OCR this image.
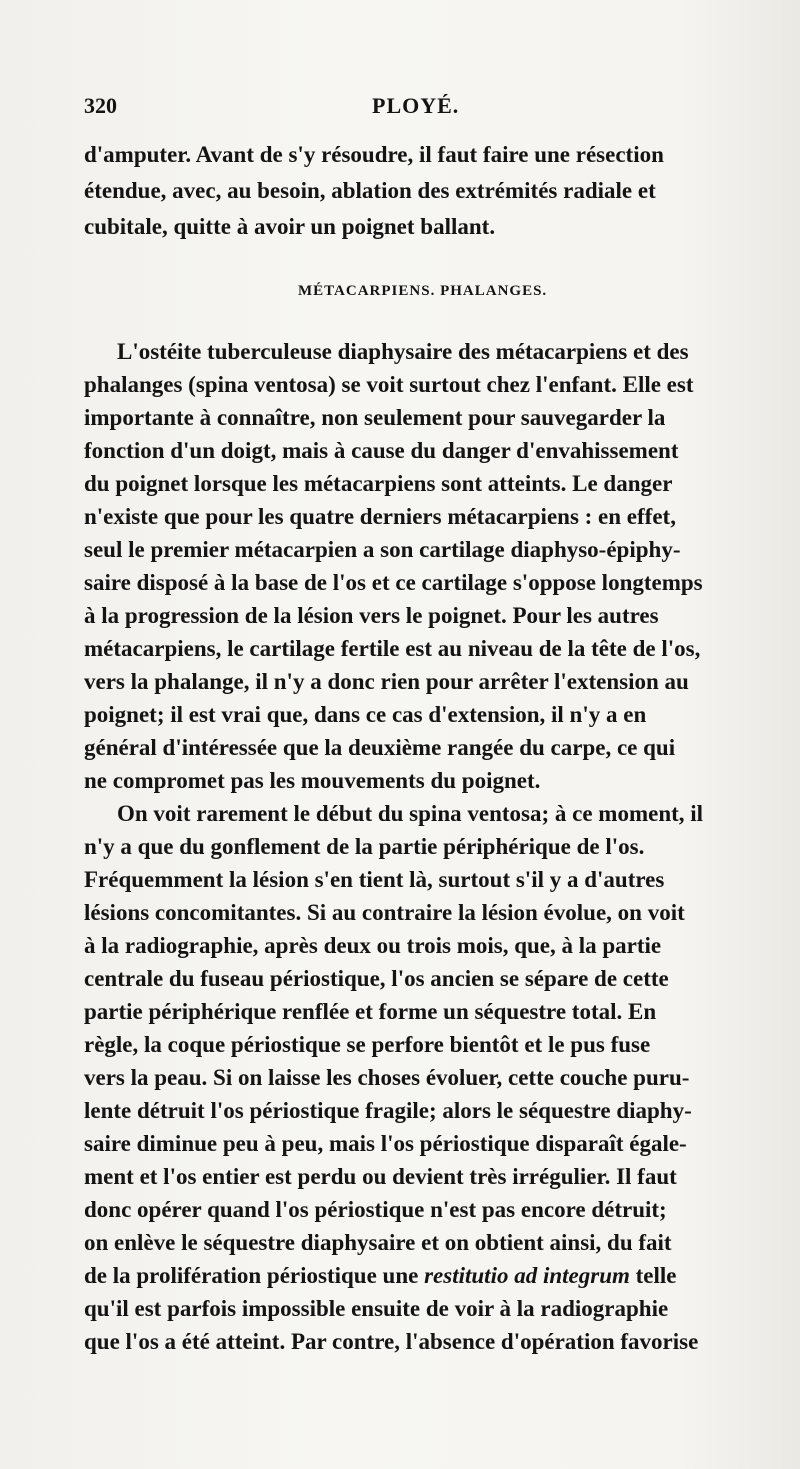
320	PLOYÉ.
d'amputer. Avant de s'y résoudre, il faut faire une résection
étendue, avec, au besoin, ablation des extrémités radiale et
cubitale, quitte à avoir un poignet ballant.
MÉTACARPIENS. PHALANGES.
L'ostéite tuberculeuse diaphysaire des métacarpiens et des
phalanges (spina ventosa) se voit surtout chez l'enfant. Elle est
importante à connaître, non seulement pour sauvegarder la
fonction d'un doigt, mais à cause du danger d'envahissement
du poignet lorsque les métacarpiens sont atteints. Le danger
n'existe que pour les quatre derniers métacarpiens : en effet,
seul le premier métacarpien a son cartilage diaphyso-épiphy-
saire disposé à la base de l'os et ce cartilage s'oppose longtemps
à la progression de la lésion vers le poignet. Pour les autres
métacarpiens, le cartilage fertile est au niveau de la tête de l'os,
vers la phalange, il n'y a donc rien pour arrêter l'extension au
poignet; il est vrai que, dans ce cas d'extension, il n'y a en
général d'intéressée que la deuxième rangée du carpe, ce qui
ne compromet pas les mouvements du poignet.
On voit rarement le début du spina ventosa; à ce moment, il
n'y a que du gonflement de la partie périphérique de l'os.
Fréquemment la lésion s'en tient là, surtout s'il y a d'autres
lésions concomitantes. Si au contraire la lésion évolue, on voit
à la radiographie, après deux ou trois mois, que, à la partie
centrale du fuseau périostique, l'os ancien se sépare de cette
partie périphérique renflée et forme un séquestre total. En
règle, la coque périostique se perfore bientôt et le pus fuse
vers la peau. Si on laisse les choses évoluer, cette couche puru-
lente détruit l'os périostique fragile; alors le séquestre diaphy-
saire diminue peu à peu, mais l'os périostique disparaît égale-
ment et l'os entier est perdu ou devient très irrégulier. Il faut
donc opérer quand l'os périostique n'est pas encore détruit;
on enlève le séquestre diaphysaire et on obtient ainsi, du fait
de la prolifération périostique une restitutio ad integrum telle
qu'il est parfois impossible ensuite de voir à la radiographie
que l'os a été atteint. Par contre, l'absence d'opération favorise
